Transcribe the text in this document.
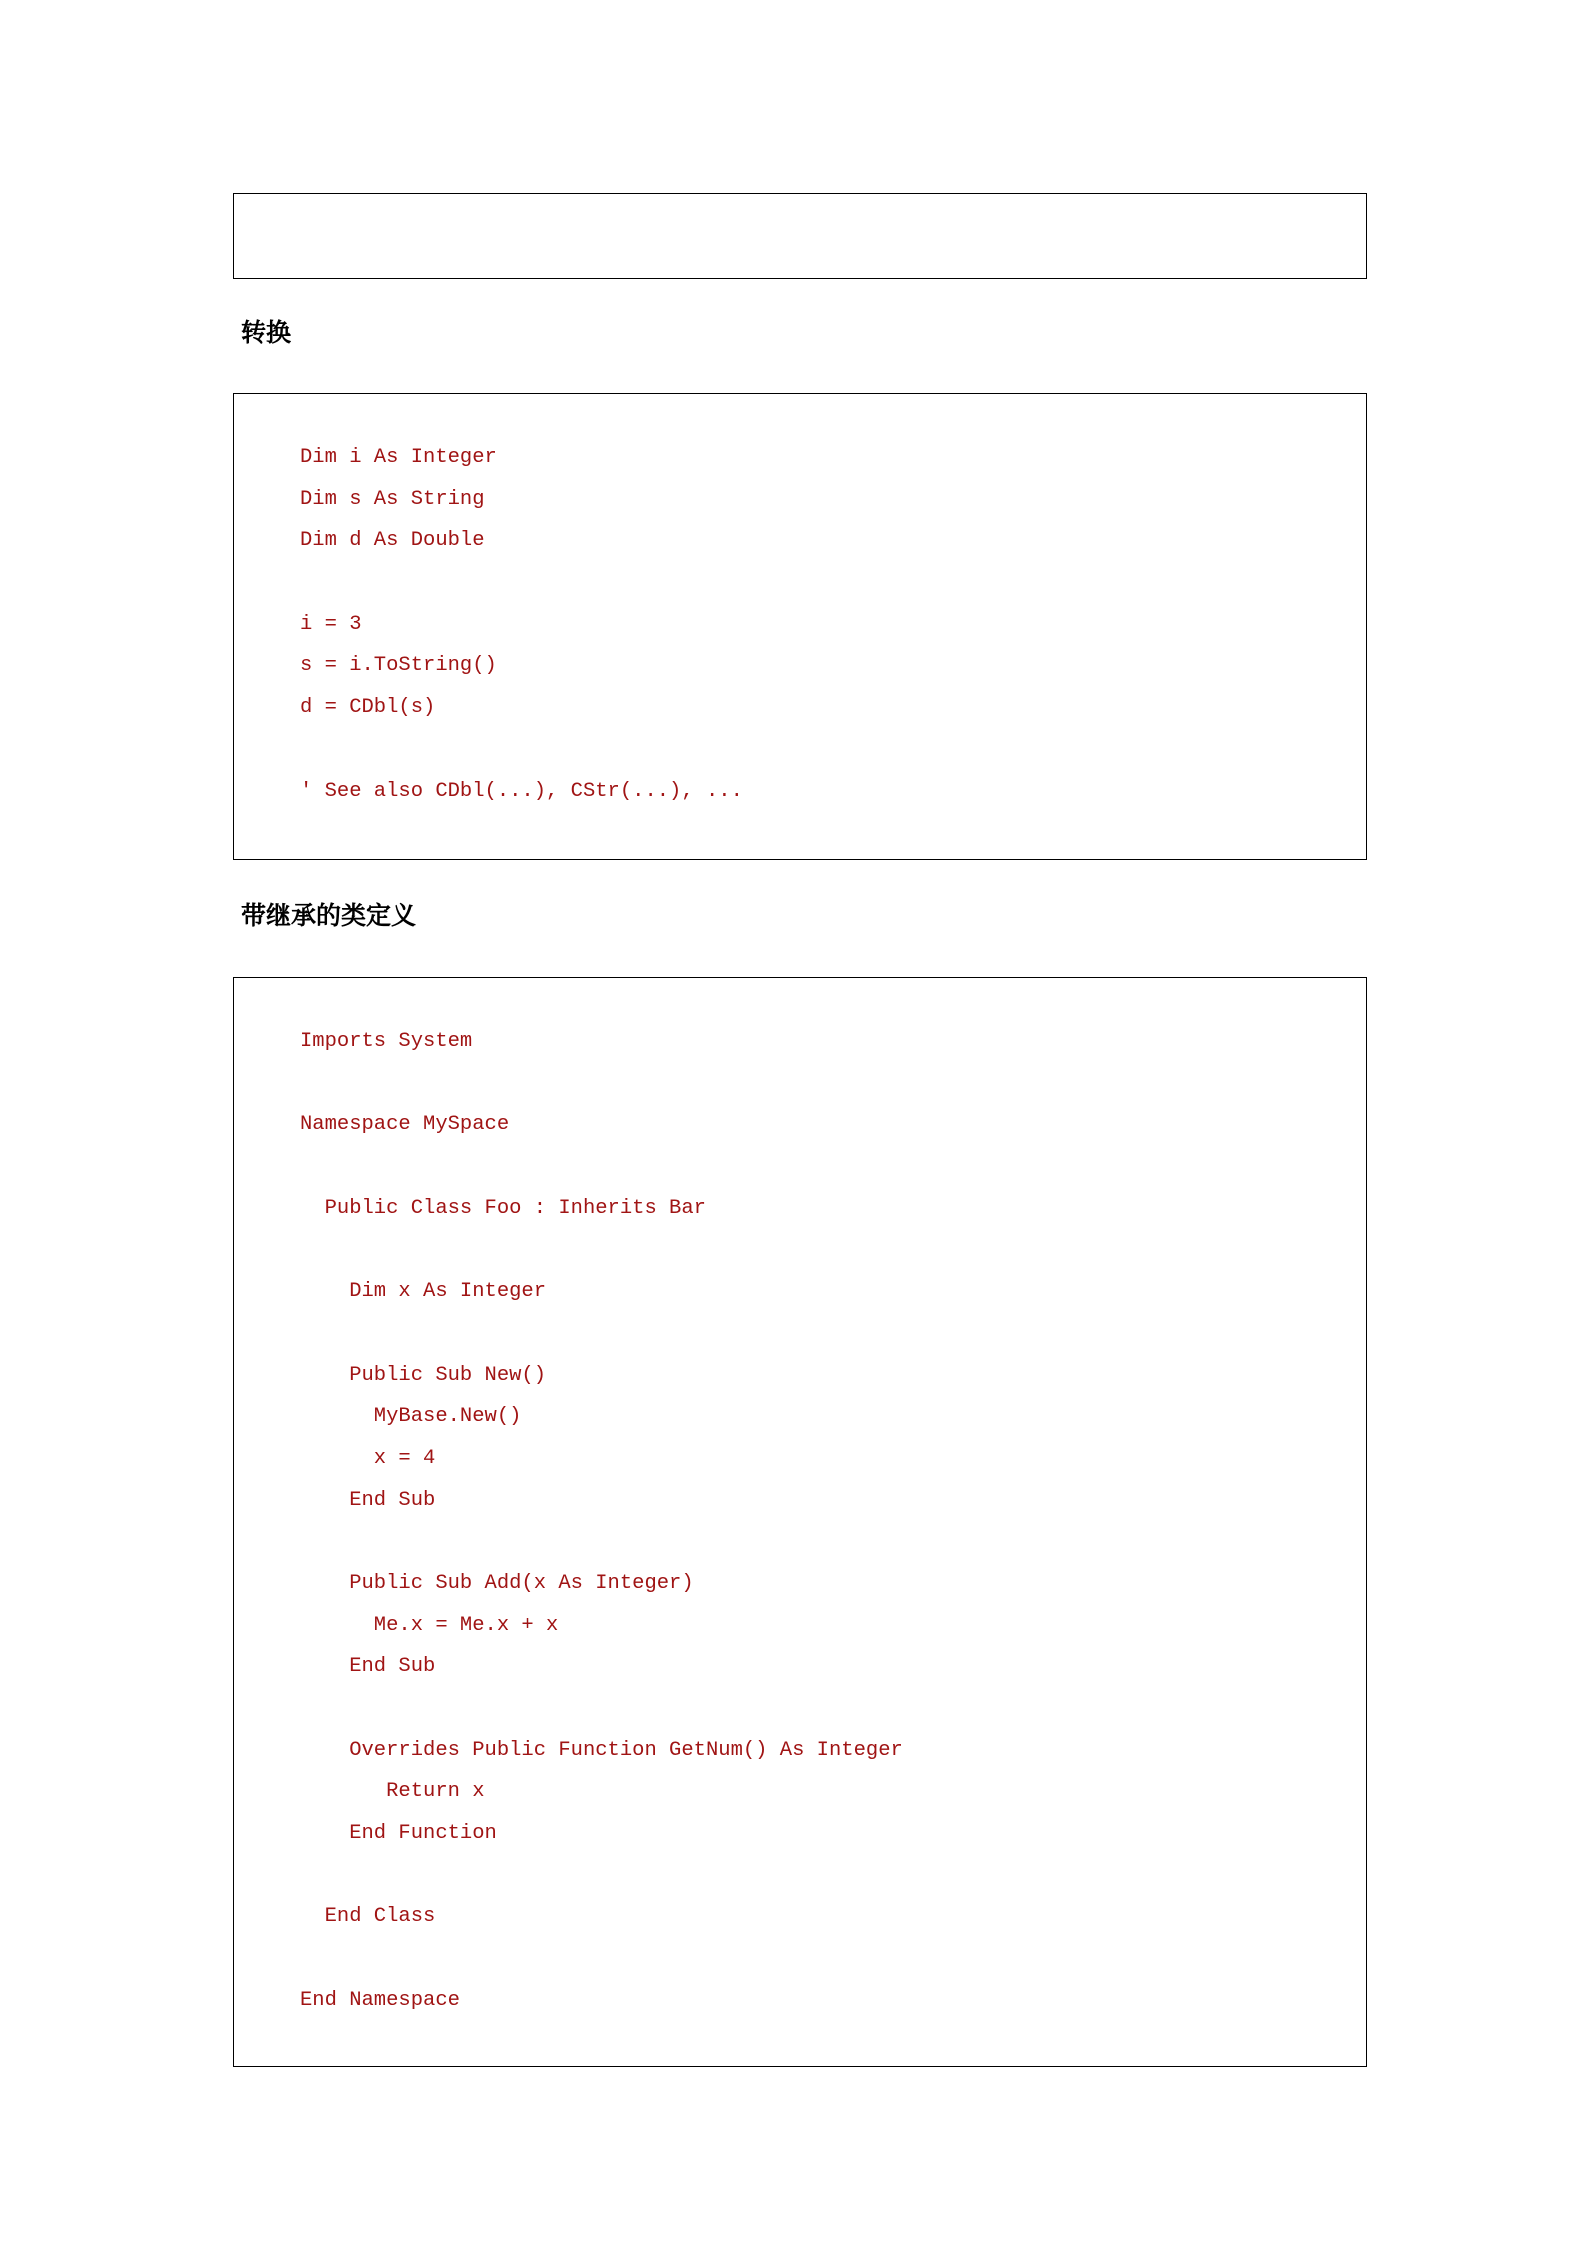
转换
Dim i As Integer
Dim s As String
Dim d As Double
i = 3
s = i.ToString()
d = CDbl(s)
' See also CDbl(...), CStr(...), ...
带继承的类定义
Imports System
Namespace MySpace
Public Class Foo : Inherits Bar
Dim x As Integer
Public Sub New()
MyBase.New()
x = 4
End Sub
Public Sub Add(x As Integer)
Me.x = Me.x + x
End Sub
Overrides Public Function GetNum() As Integer
Return x
End Function
End Class
End Namespace
